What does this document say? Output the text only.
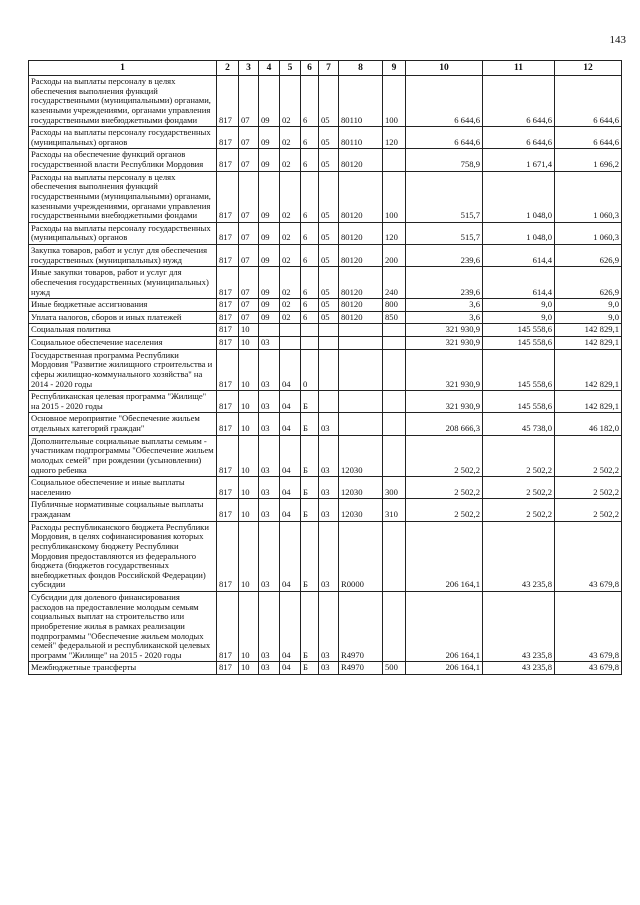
143
1	2	3	4	5	6	7	8	9	10	11	12
Расходы на выплаты персоналу в целях обеспечения выполнения функций государственными (муниципальными) органами, казенными учреждениями, органами управления государственными внебюджетными фондами	817	07	09	02	6	05	80110	100	6 644,6	6 644,6	6 644,6
Расходы на выплаты персоналу государственных (муниципальных) органов	817	07	09	02	6	05	80110	120	6 644,6	6 644,6	6 644,6
Расходы на обеспечение функций органов государственной власти Республики Мордовия	817	07	09	02	6	05	80120		758,9	1 671,4	1 696,2
Расходы на выплаты персоналу в целях обеспечения выполнения функций государственными (муниципальными) органами, казенными учреждениями, органами управления государственными внебюджетными фондами	817	07	09	02	6	05	80120	100	515,7	1 048,0	1 060,3
Расходы на выплаты персоналу государственных (муниципальных) органов	817	07	09	02	6	05	80120	120	515,7	1 048,0	1 060,3
Закупка товаров, работ и услуг для обеспечения государственных (муниципальных) нужд	817	07	09	02	6	05	80120	200	239,6	614,4	626,9
Иные закупки товаров, работ и услуг для обеспечения государственных (муниципальных) нужд	817	07	09	02	6	05	80120	240	239,6	614,4	626,9
Иные бюджетные ассигнования	817	07	09	02	6	05	80120	800	3,6	9,0	9,0
Уплата налогов, сборов и иных платежей	817	07	09	02	6	05	80120	850	3,6	9,0	9,0
Социальная политика	817	10							321 930,9	145 558,6	142 829,1
Социальное обеспечение населения	817	10	03						321 930,9	145 558,6	142 829,1
Государственная программа Республики Мордовия "Развитие жилищного строительства и сферы жилищно-коммунального хозяйства" на 2014 - 2020 годы	817	10	03	04	0				321 930,9	145 558,6	142 829,1
Республиканская целевая программа "Жилище" на 2015 - 2020 годы	817	10	03	04	Б				321 930,9	145 558,6	142 829,1
Основное мероприятие "Обеспечение жильем отдельных категорий граждан"	817	10	03	04	Б	03			208 666,3	45 738,0	46 182,0
Дополнительные социальные выплаты семьям - участникам подпрограммы "Обеспечение жильем молодых семей" при рождении (усыновлении) одного ребенка	817	10	03	04	Б	03	12030		2 502,2	2 502,2	2 502,2
Социальное обеспечение и иные выплаты населению	817	10	03	04	Б	03	12030	300	2 502,2	2 502,2	2 502,2
Публичные нормативные социальные выплаты гражданам	817	10	03	04	Б	03	12030	310	2 502,2	2 502,2	2 502,2
Расходы республиканского бюджета Республики Мордовия, в целях софинансирования которых республиканскому бюджету Республики Мордовия предоставляются из федерального бюджета (бюджетов государственных внебюджетных фондов Российской Федерации) субсидии	817	10	03	04	Б	03	R0000		206 164,1	43 235,8	43 679,8
Субсидии для долевого финансирования расходов на предоставление молодым семьям социальных выплат на строительство или приобретение жилья в рамках реализации подпрограммы "Обеспечение жильем молодых семей" федеральной и республиканской целевых программ "Жилище" на 2015 - 2020 годы	817	10	03	04	Б	03	R4970		206 164,1	43 235,8	43 679,8
Межбюджетные трансферты	817	10	03	04	Б	03	R4970	500	206 164,1	43 235,8	43 679,8
